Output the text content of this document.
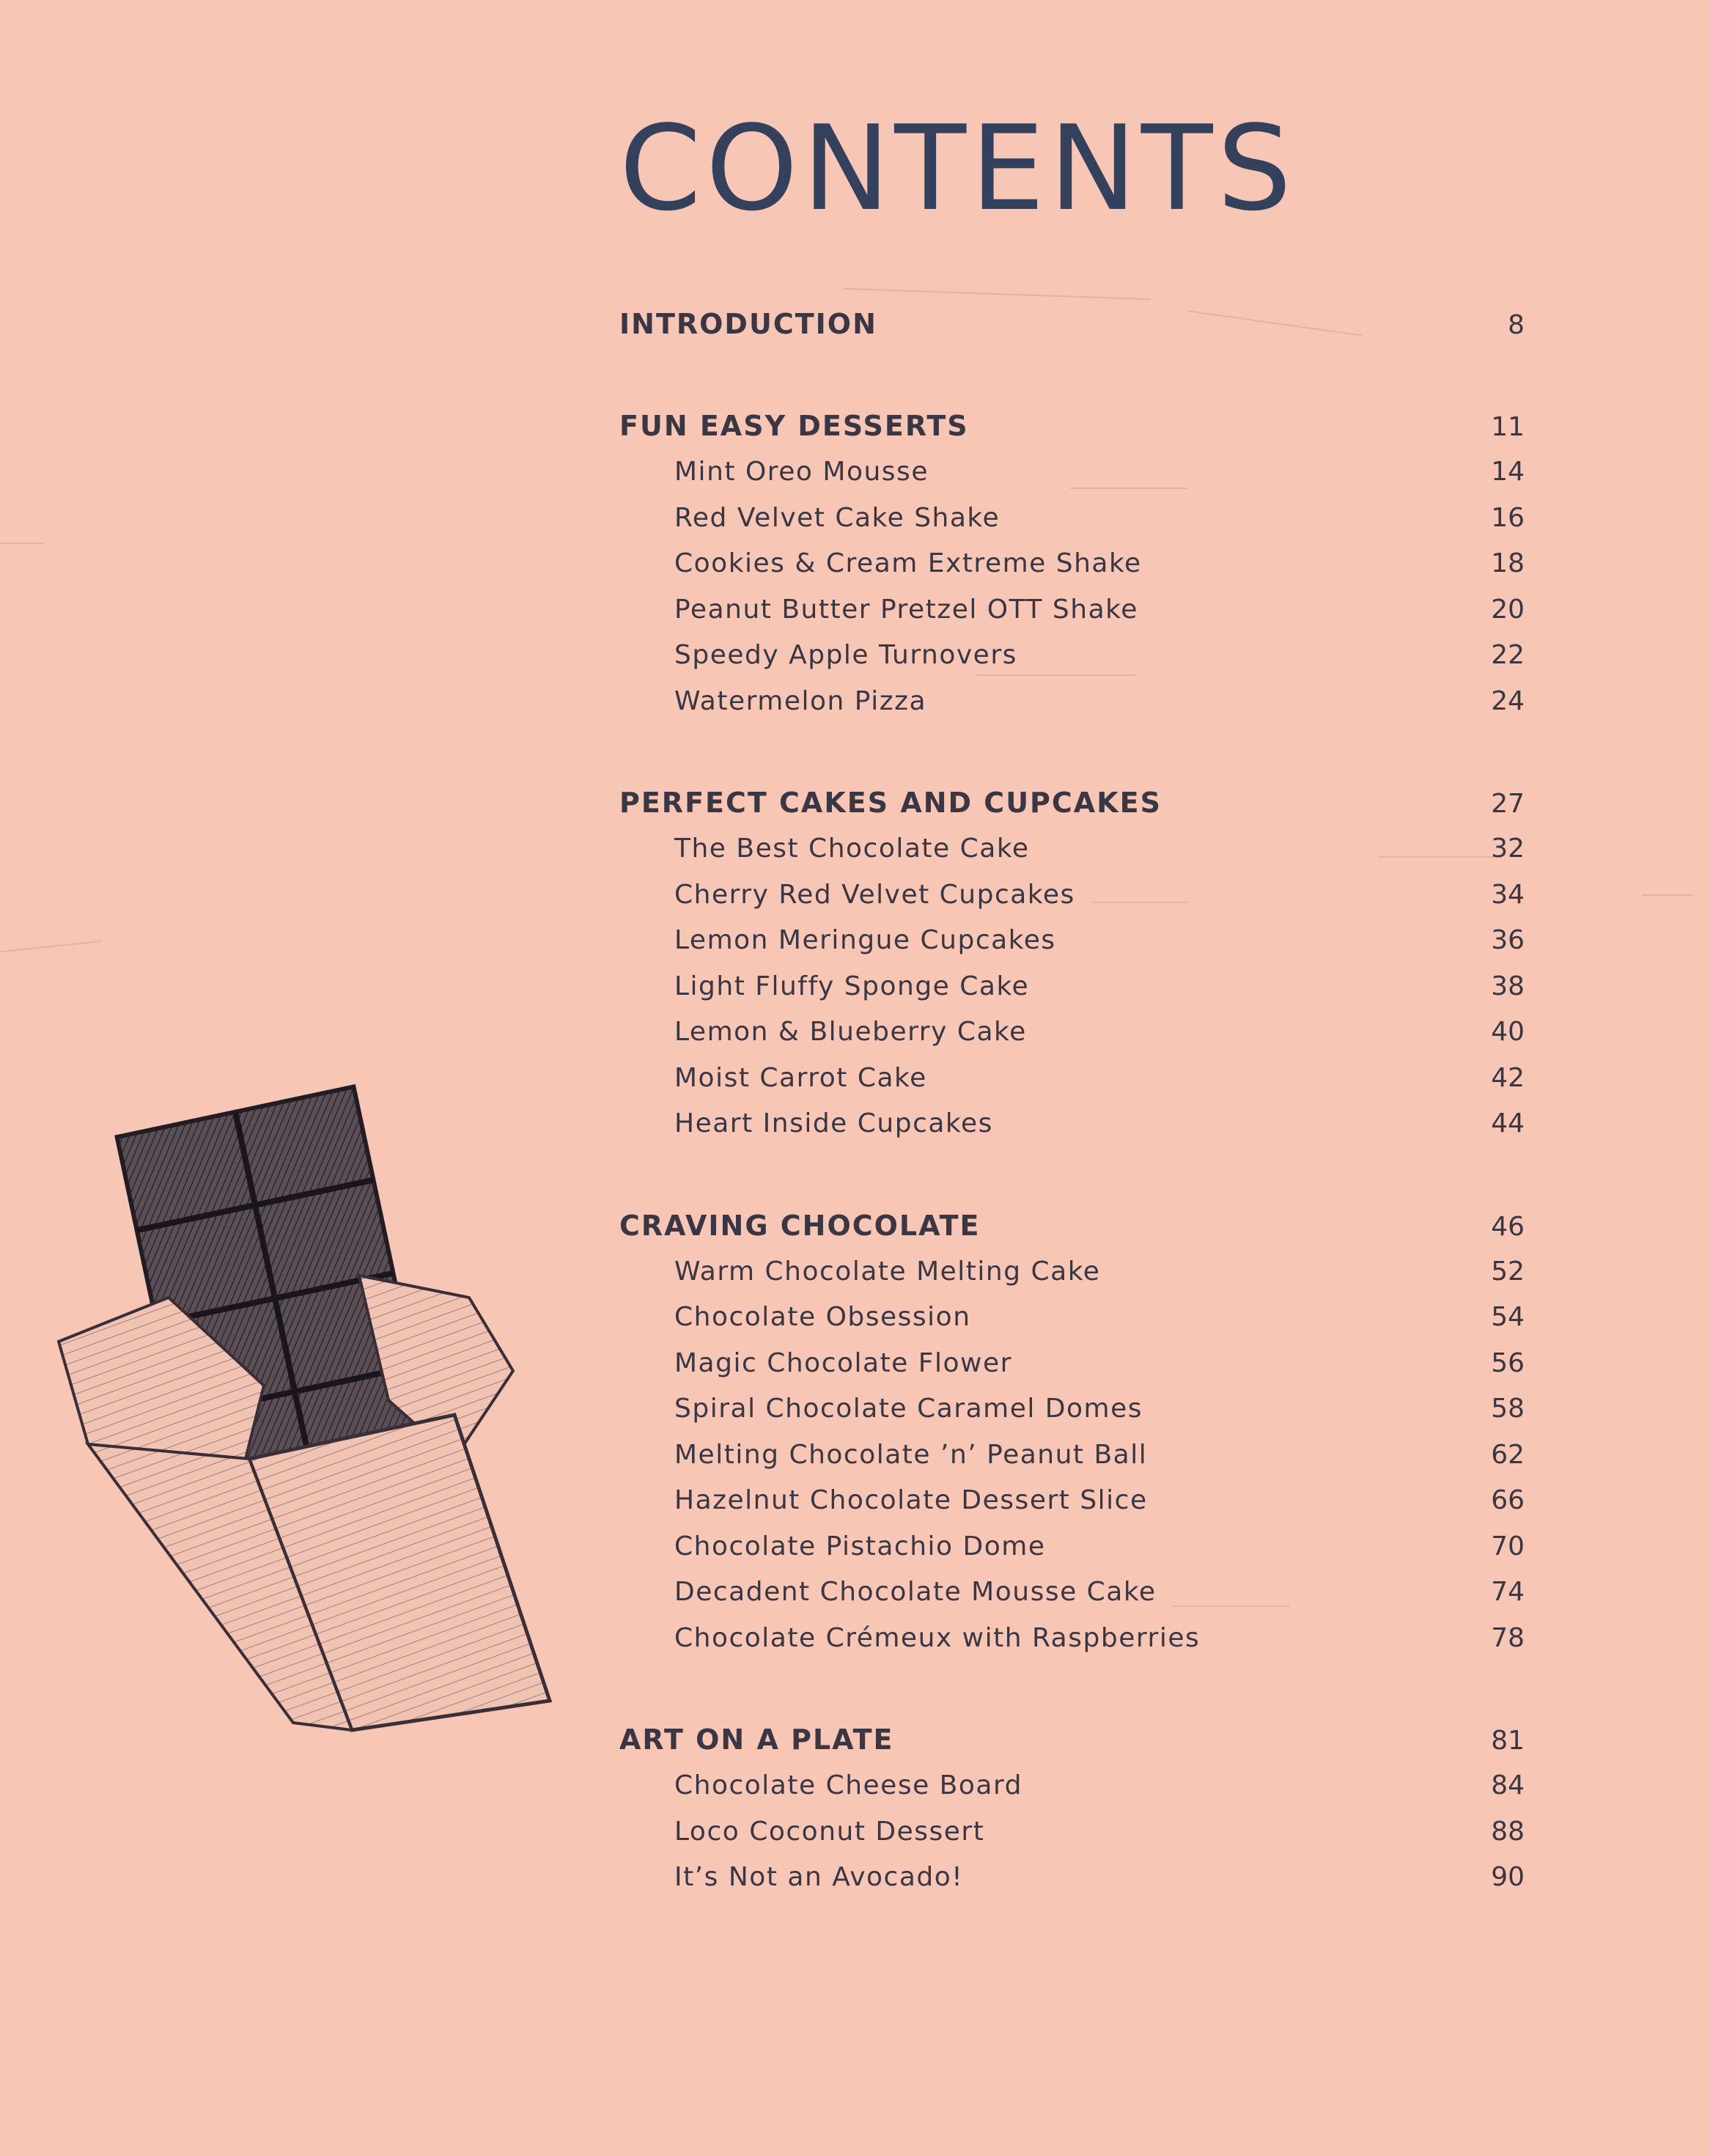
CONTENTS
INTRODUCTION	8
FUN EASY DESSERTS	11
Mint Oreo Mousse	14
Red Velvet Cake Shake	16
Cookies & Cream Extreme Shake	18
Peanut Butter Pretzel OTT Shake	20
Speedy Apple Turnovers	22
Watermelon Pizza	24
PERFECT CAKES AND CUPCAKES	27
The Best Chocolate Cake	32
Cherry Red Velvet Cupcakes	34
Lemon Meringue Cupcakes	36
Light Fluffy Sponge Cake	38
Lemon & Blueberry Cake	40
Moist Carrot Cake	42
Heart Inside Cupcakes	44
CRAVING CHOCOLATE	46
Warm Chocolate Melting Cake	52
Chocolate Obsession	54
Magic Chocolate Flower	56
Spiral Chocolate Caramel Domes	58
Melting Chocolate ’n’ Peanut Ball	62
Hazelnut Chocolate Dessert Slice	66
Chocolate Pistachio Dome	70
Decadent Chocolate Mousse Cake	74
Chocolate Crémeux with Raspberries	78
ART ON A PLATE	81
Chocolate Cheese Board	84
Loco Coconut Dessert	88
It’s Not an Avocado!	90
